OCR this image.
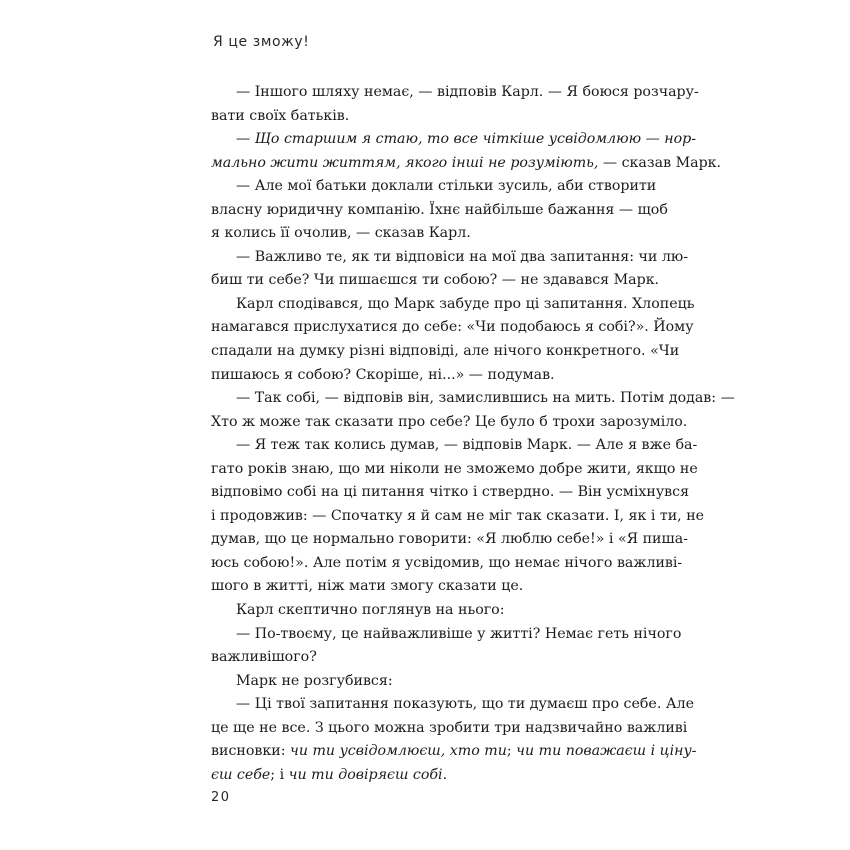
Я це зможу!
— Іншого шляху немає, — відповів Карл. — Я боюся розчару-
вати своїх батьків.
— Що старшим я стаю, то все чіткіше усвідомлюю — нор-
мально жити життям, якого інші не розуміють, — сказав Марк.
— Але мої батьки доклали стільки зусиль, аби створити
власну юридичну компанію. Їхнє найбільше бажання — щоб
я колись її очолив, — сказав Карл.
— Важливо те, як ти відповіси на мої два запитання: чи лю-
биш ти себе? Чи пишаєшся ти собою? — не здавався Марк.
Карл сподівався, що Марк забуде про ці запитання. Хлопець
намагався прислухатися до себе: «Чи подобаюсь я собі?». Йому
спадали на думку різні відповіді, але нічого конкретного. «Чи
пишаюсь я собою? Скоріше, ні...» — подумав.
— Так собі, — відповів він, замислившись на мить. Потім додав: —
Хто ж може так сказати про себе? Це було б трохи зарозуміло.
— Я теж так колись думав, — відповів Марк. — Але я вже ба-
гато років знаю, що ми ніколи не зможемо добре жити, якщо не
відповімо собі на ці питання чітко і ствердно. — Він усміхнувся
і продовжив: — Спочатку я й сам не міг так сказати. І, як і ти, не
думав, що це нормально говорити: «Я люблю себе!» і «Я пиша-
юсь собою!». Але потім я усвідомив, що немає нічого важливі-
шого в житті, ніж мати змогу сказати це.
Карл скептично поглянув на нього:
— По-твоєму, це найважливіше у житті? Немає геть нічого
важливішого?
Марк не розгубився:
— Ці твої запитання показують, що ти думаєш про себе. Але
це ще не все. З цього можна зробити три надзвичайно важливі
висновки: чи ти усвідомлюєш, хто ти; чи ти поважаєш і ціну-
єш себе; і чи ти довіряєш собі.
20
